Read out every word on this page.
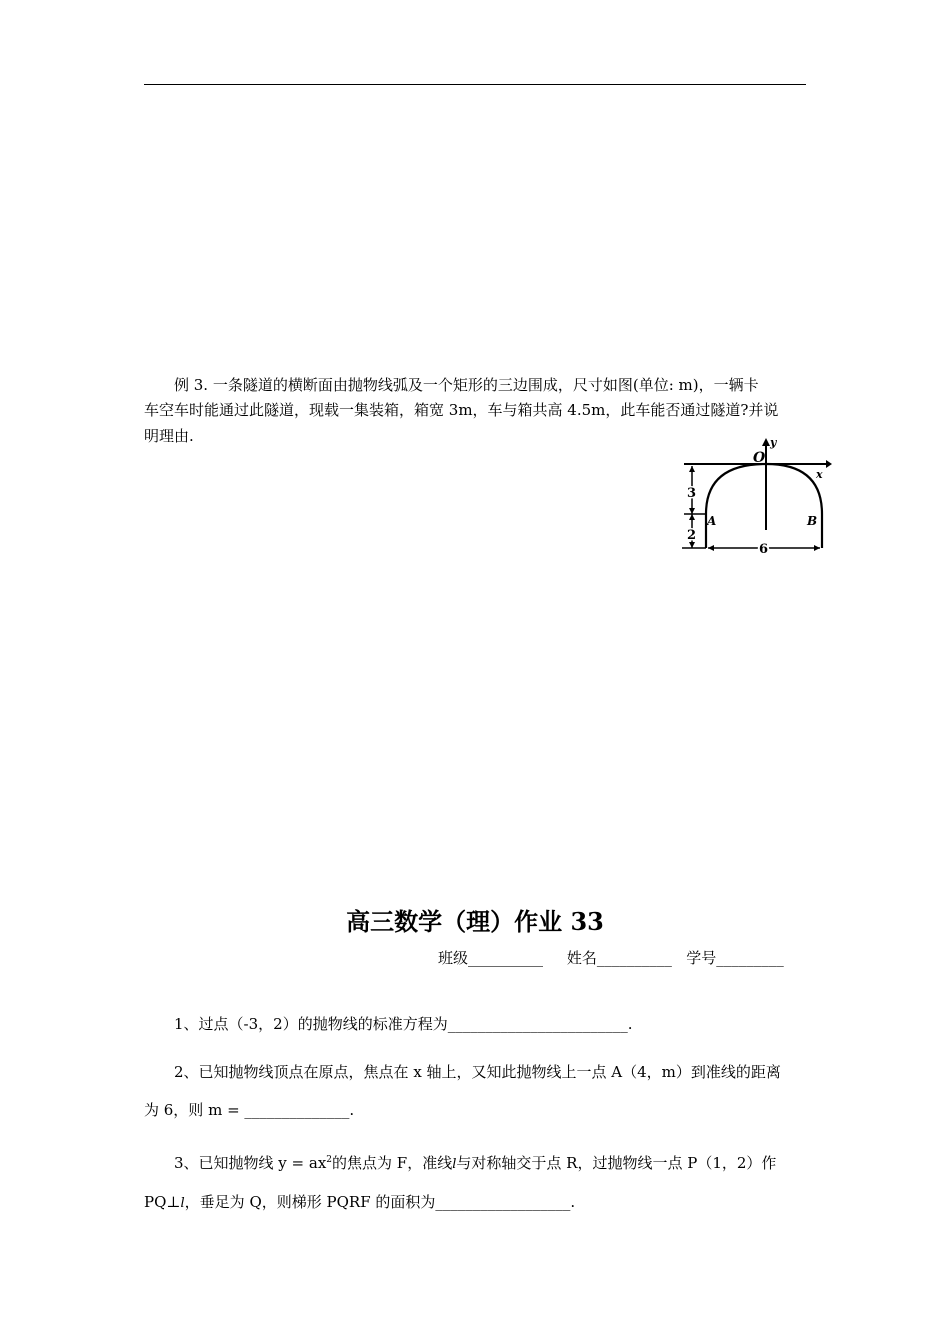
例 3. 一条隧道的横断面由抛物线弧及一个矩形的三边围成，尺寸如图(单位: m)，一辆卡
车空车时能通过此隧道，现载一集装箱，箱宽 3m，车与箱共高 4.5m，此车能否通过隧道?并说
明理由.	y
x
O
A	B
3
2
6
高三数学（理）作业 33
班级__________ 姓名__________ 学号_________
1、过点（-3，2）的抛物线的标准方程为________________________.
2、已知抛物线顶点在原点，焦点在 x 轴上，又知此抛物线上一点 A（4，m）到准线的距离
为 6，则 m = ______________.
3、已知抛物线 $y = ax^2$的焦点为 F，准线l与对称轴交于点 R，过抛物线一点 P（1，2）作
PQ⊥l，垂足为 Q，则梯形 PQRF 的面积为__________________.
